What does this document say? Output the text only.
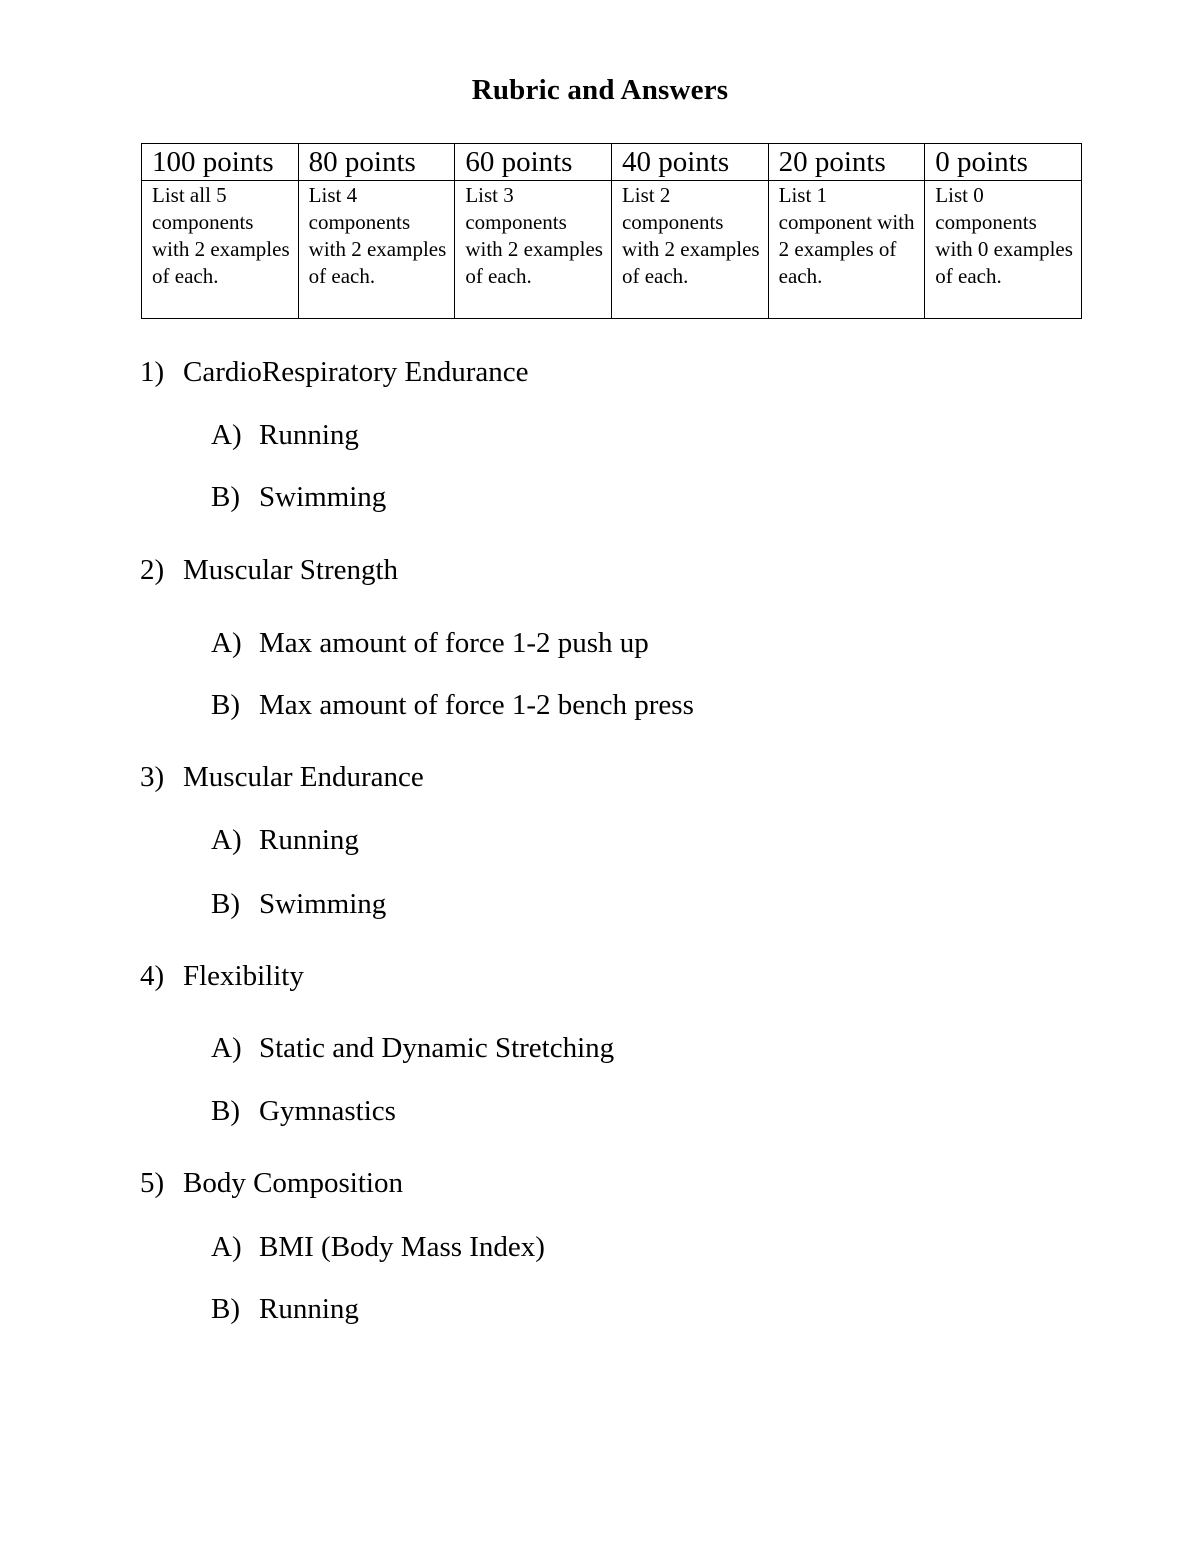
Rubric and Answers
100 points	80 points	60 points	40 points	20 points	0 points
List all 5 components with 2 examples of each.	List 4 components with 2 examples of each.	List 3 components with 2 examples of each.	List 2 components with 2 examples of each.	List 1 component with 2 examples of each.	List 0 components with 0 examples of each.
1) CardioRespiratory Endurance
A) Running
B) Swimming
2) Muscular Strength
A) Max amount of force 1-2 push up
B) Max amount of force 1-2 bench press
3) Muscular Endurance
A) Running
B) Swimming
4) Flexibility
A) Static and Dynamic Stretching
B) Gymnastics
5) Body Composition
A) BMI (Body Mass Index)
B) Running
